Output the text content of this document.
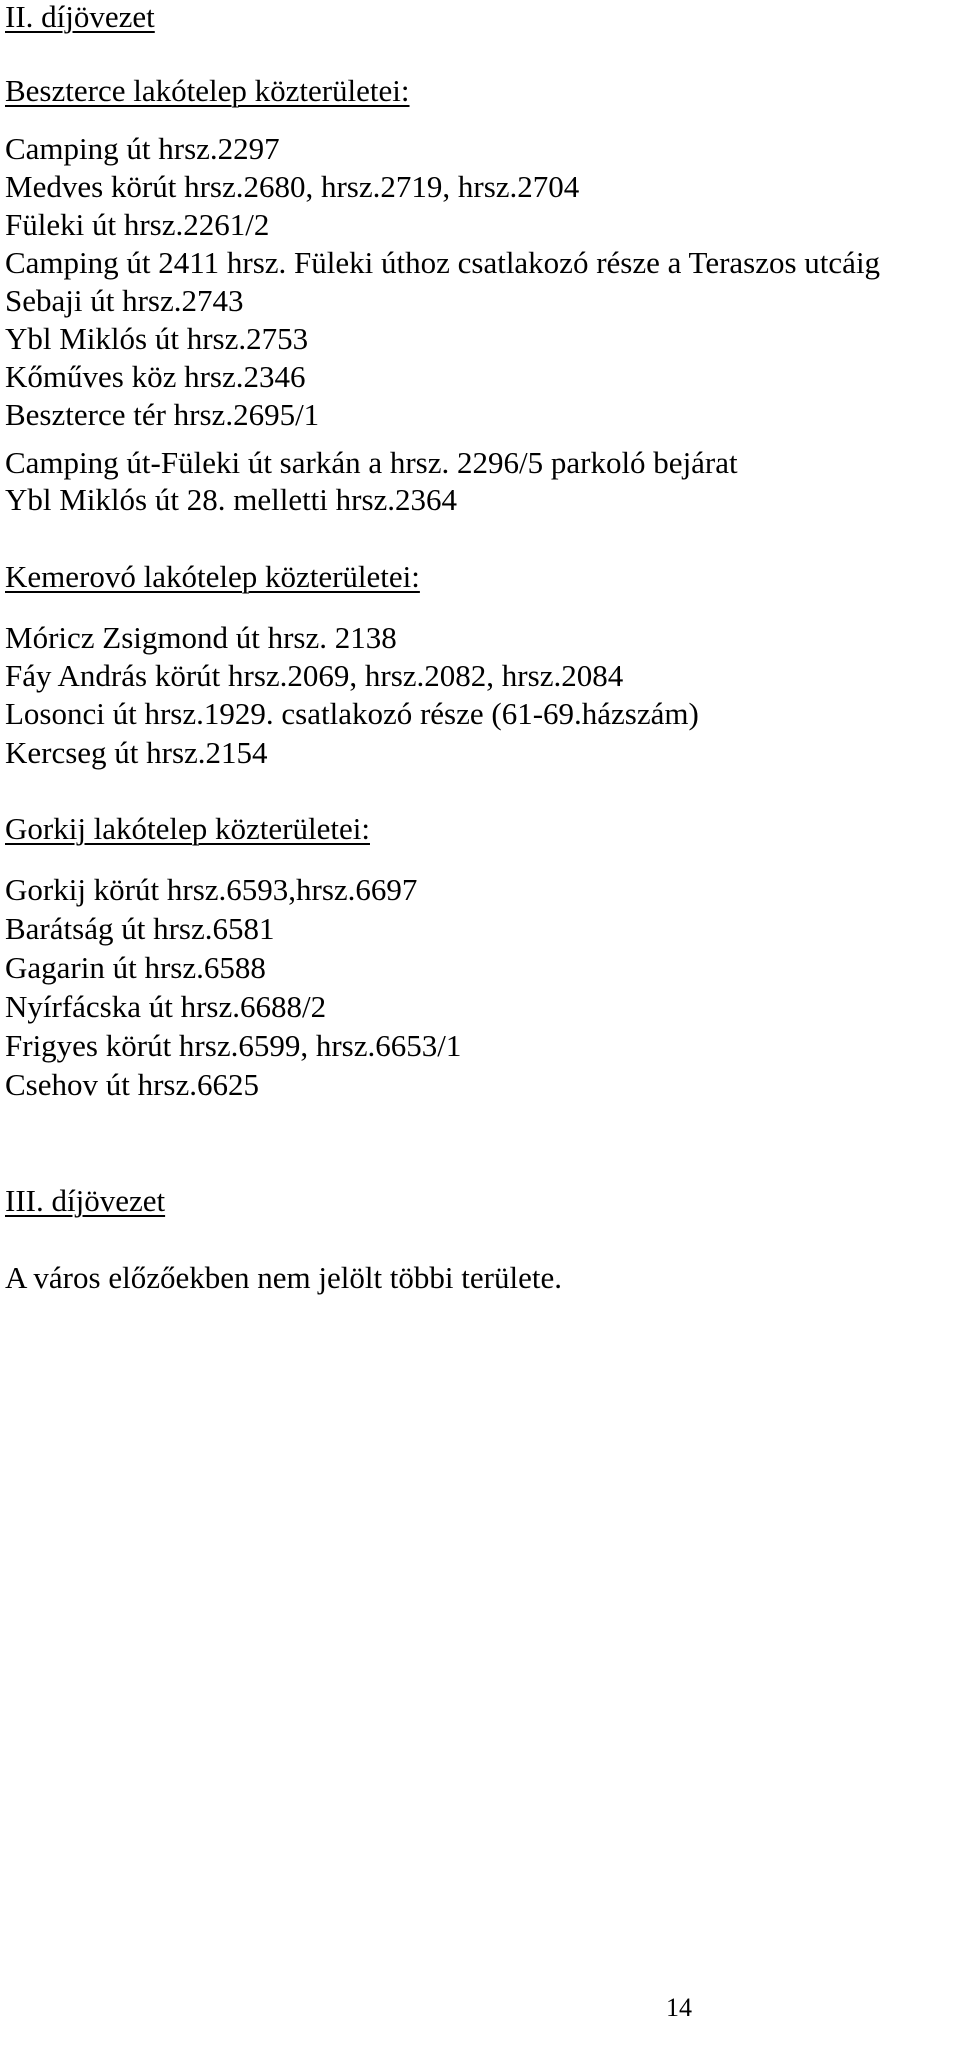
II. díjövezet
Beszterce lakótelep közterületei:
Camping út hrsz.2297
Medves körút hrsz.2680, hrsz.2719, hrsz.2704
Füleki út hrsz.2261/2
Camping út 2411 hrsz. Füleki úthoz csatlakozó része a Teraszos utcáig
Sebaji út hrsz.2743
Ybl Miklós út hrsz.2753
Kőműves köz hrsz.2346
Beszterce tér hrsz.2695/1
Camping út-Füleki út sarkán a hrsz. 2296/5 parkoló bejárat
Ybl Miklós út 28. melletti hrsz.2364
Kemerovó lakótelep közterületei:
Móricz Zsigmond út hrsz. 2138
Fáy András körút hrsz.2069, hrsz.2082, hrsz.2084
Losonci út hrsz.1929. csatlakozó része (61-69.házszám)
Kercseg út hrsz.2154
Gorkij lakótelep közterületei:
Gorkij körút hrsz.6593,hrsz.6697
Barátság út hrsz.6581
Gagarin út hrsz.6588
Nyírfácska út hrsz.6688/2
Frigyes körút hrsz.6599, hrsz.6653/1
Csehov út hrsz.6625
III. díjövezet
A város előzőekben nem jelölt többi területe.
14
